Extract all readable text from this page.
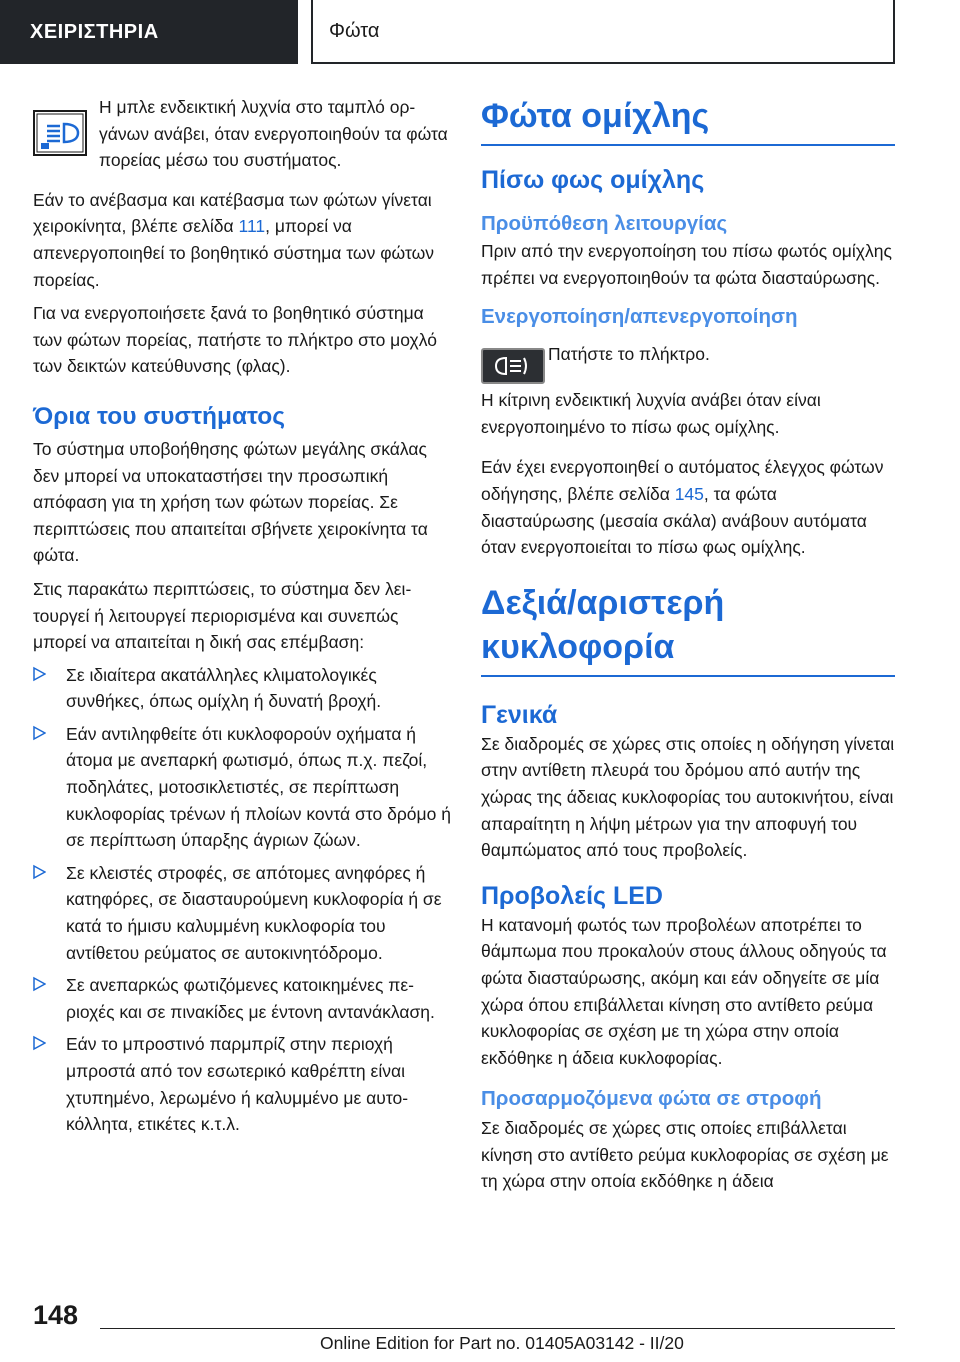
ΧΕΙΡΙΣΤΗΡΙΑ	Φώτα

Η μπλε ενδεικτική λυχνία στο ταμπλό οργάνων ανάβει, όταν ενεργοποιηθούν τα φώτα πορείας μέσω του συστήματος.

Εάν το ανέβασμα και κατέβασμα των φώτων γίνεται χειροκίνητα, βλέπε σελίδα 111, μπορεί να απενεργοποιηθεί το βοηθητικό σύστημα των φώτων πορείας.

Για να ενεργοποιήσετε ξανά το βοηθητικό σύστημα των φώτων πορείας, πατήστε το πλήκτρο στο μοχλό των δεικτών κατεύθυνσης (φλας).

Όρια του συστήματος

Το σύστημα υποβοήθησης φώτων μεγάλης σκάλας δεν μπορεί να υποκαταστήσει την προσωπική απόφαση για τη χρήση των φώτων πορείας. Σε περιπτώσεις που απαιτείται σβήνετε χειροκίνητα τα φώτα.

Στις παρακάτω περιπτώσεις, το σύστημα δεν λειτουργεί ή λειτουργεί περιορισμένα και συνεπώς μπορεί να απαιτείται η δική σας επέμβαση:

Σε ιδιαίτερα ακατάλληλες κλιματολογικές συνθήκες, όπως ομίχλη ή δυνατή βροχή.
Εάν αντιληφθείτε ότι κυκλοφορούν οχήματα ή άτομα με ανεπαρκή φωτισμό, όπως π.χ. πεζοί, ποδηλάτες, μοτοσικλετιστές, σε περίπτωση κυκλοφορίας τρένων ή πλοίων κοντά στο δρόμο ή σε περίπτωση ύπαρξης άγριων ζώων.
Σε κλειστές στροφές, σε απότομες ανηφόρες ή κατηφόρες, σε διασταυρούμενη κυκλοφορία ή σε κατά το ήμισυ καλυμμένη κυκλοφορία του αντίθετου ρεύματος σε αυτοκινητόδρομο.
Σε ανεπαρκώς φωτιζόμενες κατοικημένες περιοχές και σε πινακίδες με έντονη αντανάκλαση.
Εάν το μπροστινό παρμπρίζ στην περιοχή μπροστά από τον εσωτερικό καθρέπτη είναι χτυπημένο, λερωμένο ή καλυμμένο με αυτοκόλλητα, ετικέτες κ.τ.λ.
Φώτα ομίχλης
Πίσω φως ομίχλης
Προϋπόθεση λειτουργίας

Πριν από την ενεργοποίηση του πίσω φωτός ομίχλης πρέπει να ενεργοποιηθούν τα φώτα διασταύρωσης.

Ενεργοποίηση/απενεργοποίηση

Πατήστε το πλήκτρο.

Η κίτρινη ενδεικτική λυχνία ανάβει όταν είναι ενεργοποιημένο το πίσω φως ομίχλης.

Εάν έχει ενεργοποιηθεί ο αυτόματος έλεγχος φώτων οδήγησης, βλέπε σελίδα 145, τα φώτα διασταύρωσης (μεσαία σκάλα) ανάβουν αυτόματα όταν ενεργοποιείται το πίσω φως ομίχλης.

Δεξιά/αριστερή κυκλοφορία
Γενικά

Σε διαδρομές σε χώρες στις οποίες η οδήγηση γίνεται στην αντίθετη πλευρά του δρόμου από αυτήν της χώρας της άδειας κυκλοφορίας του αυτοκινήτου, είναι απαραίτητη η λήψη μέτρων για την αποφυγή του θαμπώματος από τους προβολείς.

Προβολείς LED

Η κατανομή φωτός των προβολέων αποτρέπει το θάμπωμα που προκαλούν στους άλλους οδηγούς τα φώτα διασταύρωσης, ακόμη και εάν οδηγείτε σε μία χώρα όπου επιβάλλεται κίνηση στο αντίθετο ρεύμα κυκλοφορίας σε σχέση με τη χώρα στην οποία εκδόθηκε η άδεια κυκλοφορίας.

Προσαρμοζόμενα φώτα σε στροφή

Σε διαδρομές σε χώρες στις οποίες επιβάλλεται κίνηση στο αντίθετο ρεύμα κυκλοφορίας σε σχέση με τη χώρα στην οποία εκδόθηκε η άδεια

148
Online Edition for Part no. 01405A03142 - II/20
